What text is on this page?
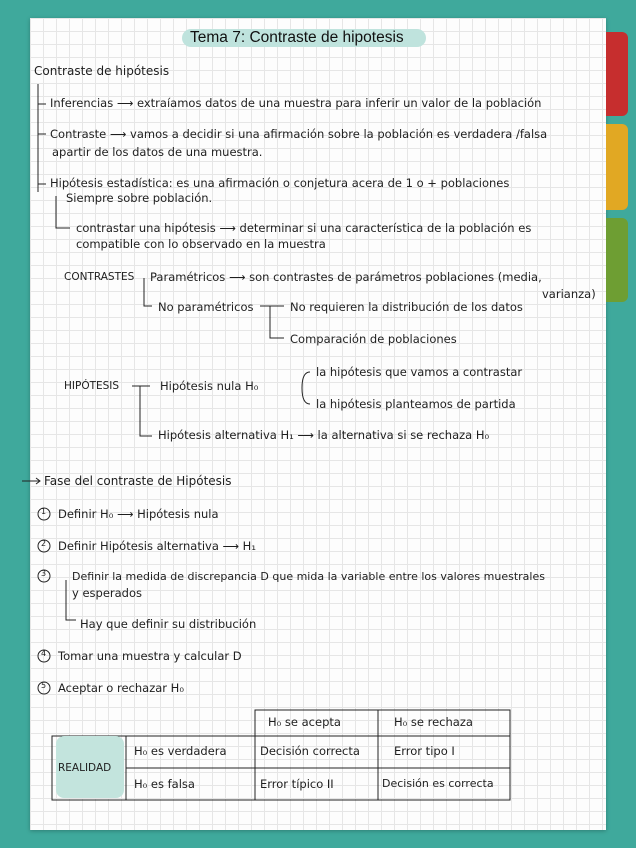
Tema 7: Contraste de hipotesis
Contraste de hipótesis
Inferencias ⟶ extraíamos datos de una muestra para inferir un valor de la población
Contraste ⟶ vamos a decidir si una afirmación sobre la población es verdadera /falsa
apartir de los datos de una muestra.
Hipótesis estadística: es una afirmación o conjetura acera de 1 o + poblaciones
Siempre sobre población.
contrastar una hipótesis ⟶ determinar si una característica de la población es
compatible con lo observado en la muestra
CONTRASTES Paramétricos ⟶ son contrastes de parámetros poblaciones (media,
varianza)
No paramétricos	No requieren la distribución de los datos
Comparación de poblaciones
HIPÓTESIS	Hipótesis nula H₀
la hipótesis que vamos a contrastar
la hipótesis planteamos de partida
Hipótesis alternativa H₁ ⟶ la alternativa si se rechaza H₀
Fase del contraste de Hipótesis
1 Definir H₀ ⟶ Hipótesis nula
2 Definir Hipótesis alternativa ⟶ H₁
3 Definir la medida de discrepancia D que mida la variable entre los valores muestrales
y esperados
Hay que definir su distribución
4 Tomar una muestra y calcular D
5 Aceptar o rechazar H₀
H₀ se acepta	H₀ se rechaza
REALIDAD
H₀ es verdadera	Decisión correcta	Error tipo I
H₀ es falsa	Error típico II	Decisión es correcta
